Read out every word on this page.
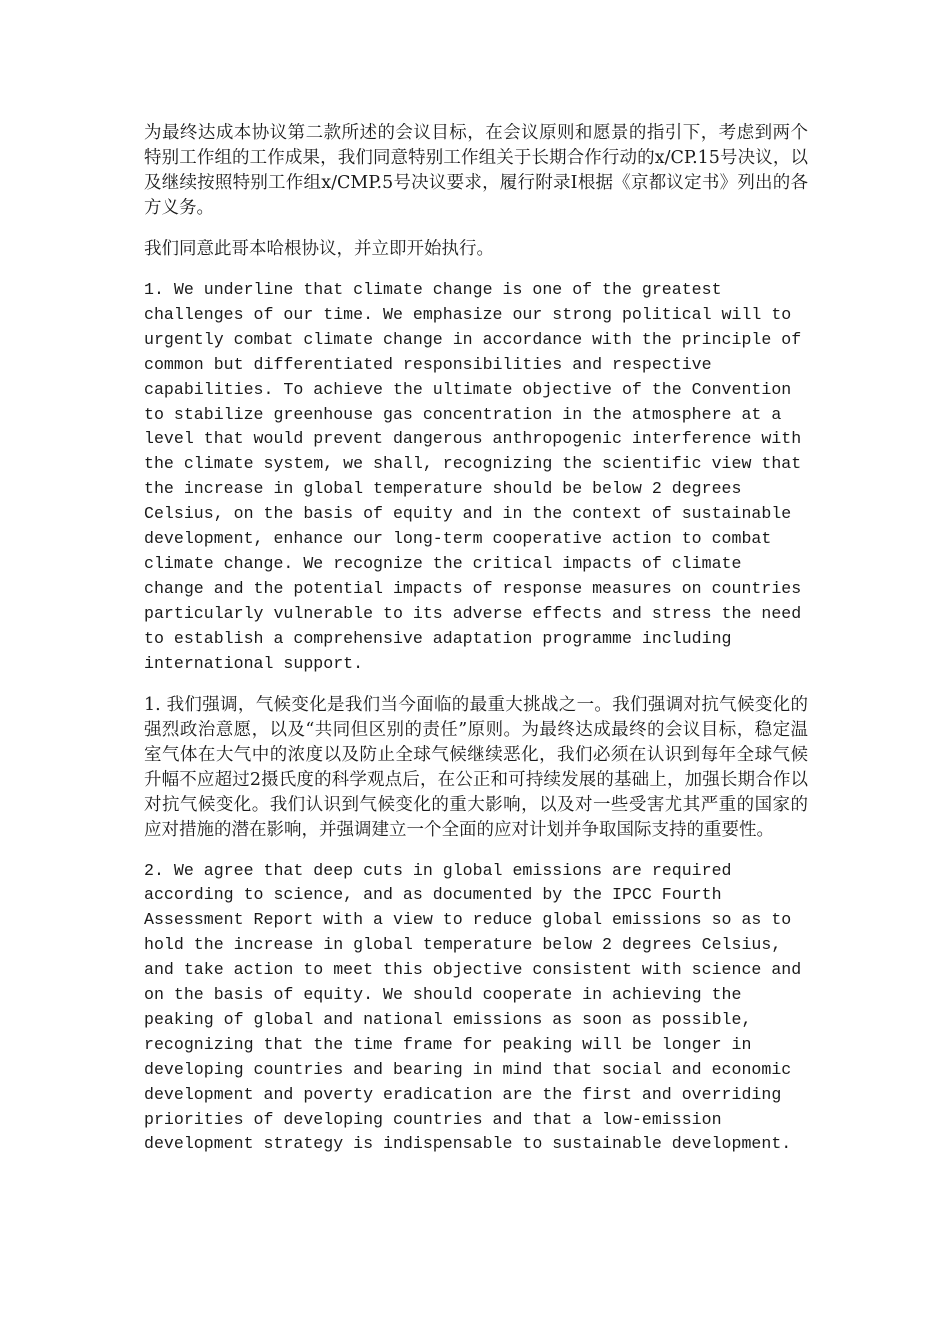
为最终达成本协议第二款所述的会议目标，在会议原则和愿景的指引下，考虑到两个特别工作组的工作成果，我们同意特别工作组关于长期合作行动的x/CP.15号决议，以及继续按照特别工作组x/CMP.5号决议要求，履行附录I根据《京都议定书》列出的各方义务。

我们同意此哥本哈根协议，并立即开始执行。

1. We underline that climate change is one of the greatest challenges of our time. We emphasize our strong political will to urgently combat climate change in accordance with the principle of common but differentiated responsibilities and respective capabilities. To achieve the ultimate objective of the Convention to stabilize greenhouse gas concentration in the atmosphere at a level that would prevent dangerous anthropogenic interference with the climate system, we shall, recognizing the scientific view that the increase in global temperature should be below 2 degrees Celsius, on the basis of equity and in the context of sustainable development, enhance our long-term cooperative action to combat climate change. We recognize the critical impacts of climate change and the potential impacts of response measures on countries particularly vulnerable to its adverse effects and stress the need to establish a comprehensive adaptation programme including international support.

1. 我们强调，气候变化是我们当今面临的最重大挑战之一。我们强调对抗气候变化的强烈政治意愿，以及“共同但区别的责任”原则。为最终达成最终的会议目标，稳定温室气体在大气中的浓度以及防止全球气候继续恶化，我们必须在认识到每年全球气候升幅不应超过2摄氏度的科学观点后，在公正和可持续发展的基础上，加强长期合作以对抗气候变化。我们认识到气候变化的重大影响，以及对一些受害尤其严重的国家的应对措施的潜在影响，并强调建立一个全面的应对计划并争取国际支持的重要性。

2. We agree that deep cuts in global emissions are required according to science, and as documented by the IPCC Fourth Assessment Report with a view to reduce global emissions so as to hold the increase in global temperature below 2 degrees Celsius, and take action to meet this objective consistent with science and on the basis of equity. We should cooperate in achieving the peaking of global and national emissions as soon as possible, recognizing that the time frame for peaking will be longer in developing countries and bearing in mind that social and economic development and poverty eradication are the first and overriding priorities of developing countries and that a low-emission development strategy is indispensable to sustainable development.
